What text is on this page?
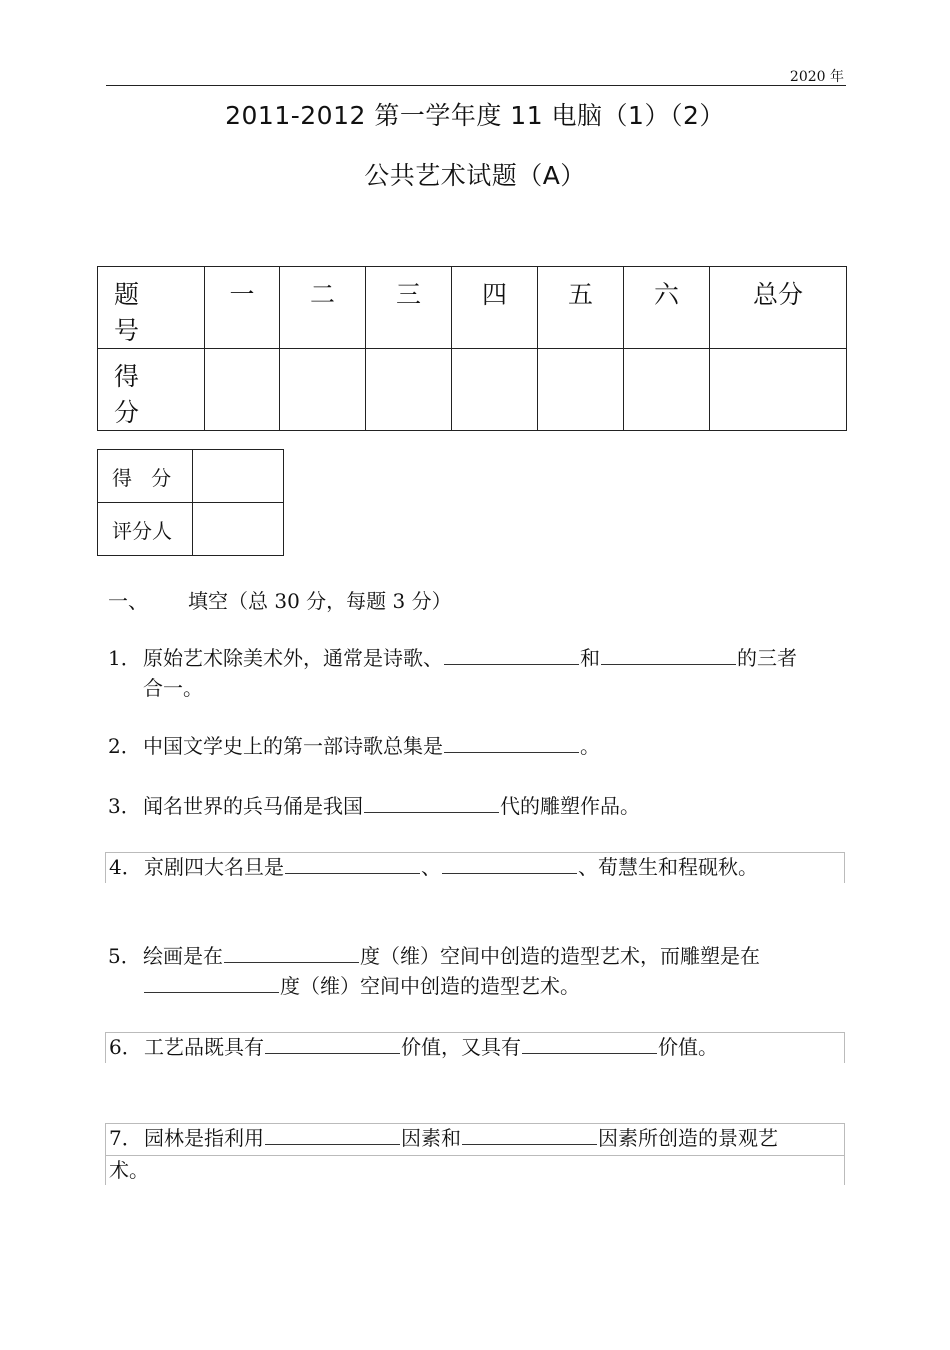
2020 年
2011-2012 第一学年度 11 电脑（1）（2）
公共艺术试题（A）
题 号	一	二	三	四	五	六	总分
得 分							
得   分	
评分人	
一、 填空（总 30 分，每题 3 分）
1． 原始艺术除美术外，通常是诗歌、	和	的三者
合一。
2． 中国文学史上的第一部诗歌总集是	。
3． 闻名世界的兵马俑是我国	代的雕塑作品。
4． 京剧四大名旦是	、	、荀慧生和程砚秋。
5． 绘画是在	度（维）空间中创造的造型艺术，而雕塑是在
度（维）空间中创造的造型艺术。
6． 工艺品既具有	价值，又具有	价值。
7． 园林是指利用	因素和	因素所创造的景观艺
术。
